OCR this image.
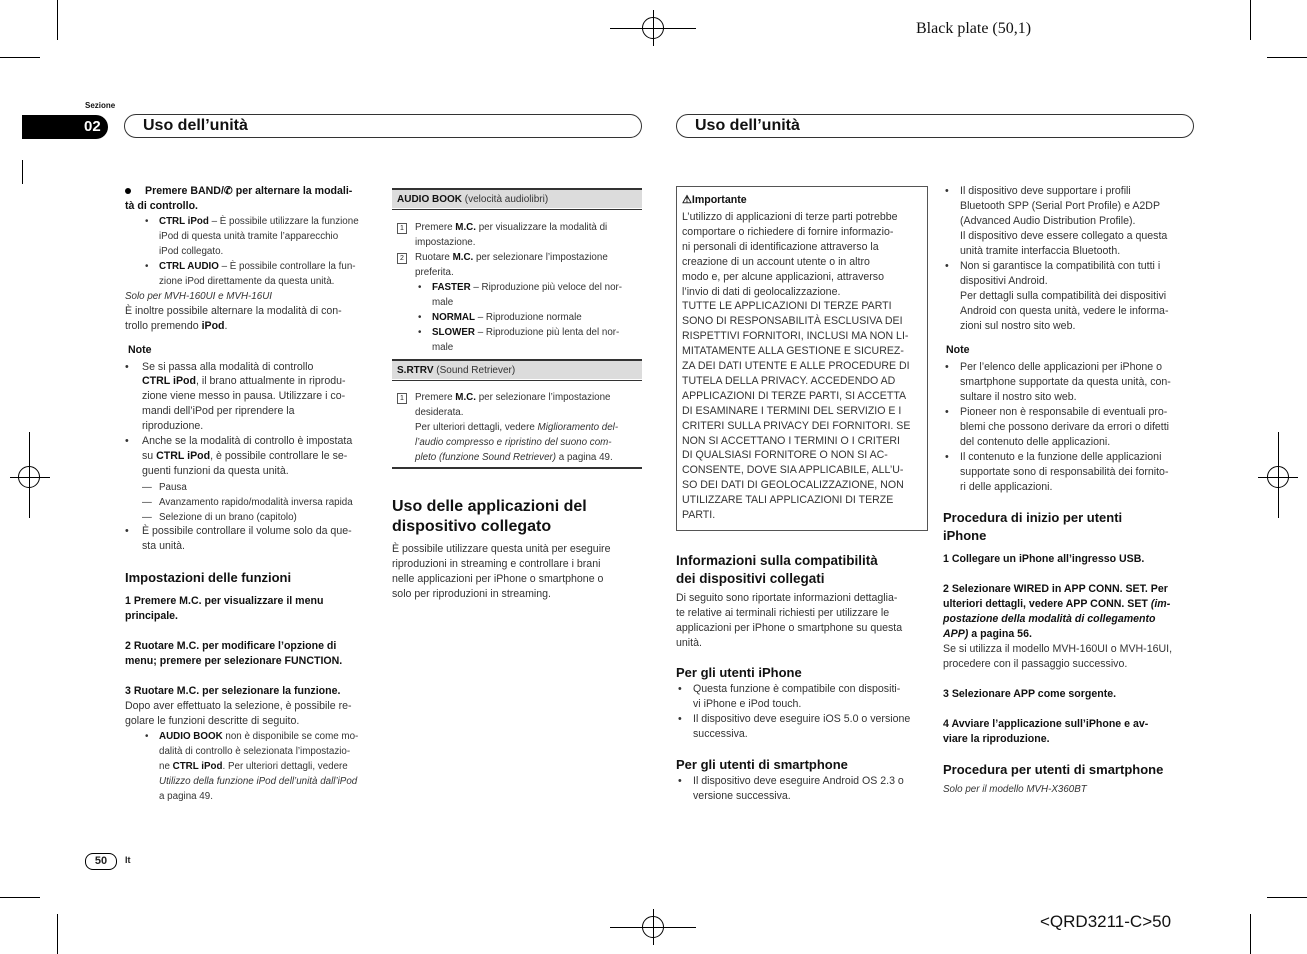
Black plate (50,1)
<QRD3211-C>50
Sezione
02	Uso dell’unità	Uso dell’unità
50	It
Premere BAND/✆ per alternare la modali-
tà di controllo.
• CTRL iPod – È possibile utilizzare la funzione
iPod di questa unità tramite l’apparecchio
iPod collegato.
• CTRL AUDIO – È possibile controllare la fun-
zione iPod direttamente da questa unità.
Solo per MVH-160UI e MVH-16UI
È inoltre possibile alternare la modalità di con-
trollo premendo iPod.
Note
• Se si passa alla modalità di controllo
CTRL iPod, il brano attualmente in riprodu-
zione viene messo in pausa. Utilizzare i co-
mandi dell’iPod per riprendere la
riproduzione.
• Anche se la modalità di controllo è impostata
su CTRL iPod, è possibile controllare le se-
guenti funzioni da questa unità.
— Pausa
— Avanzamento rapido/modalità inversa rapida
— Selezione di un brano (capitolo)
• È possibile controllare il volume solo da que-
sta unità.
Impostazioni delle funzioni
1 Premere M.C. per visualizzare il menu
principale.
2 Ruotare M.C. per modificare l’opzione di
menu; premere per selezionare FUNCTION.
3 Ruotare M.C. per selezionare la funzione.
Dopo aver effettuato la selezione, è possibile re-
golare le funzioni descritte di seguito.
• AUDIO BOOK non è disponibile se come mo-
dalità di controllo è selezionata l’impostazio-
ne CTRL iPod. Per ulteriori dettagli, vedere
Utilizzo della funzione iPod dell’unità dall’iPod
a pagina 49.
AUDIO BOOK (velocità audiolibri)
1	Premere M.C. per visualizzare la modalità di
impostazione.
2	Ruotare M.C. per selezionare l’impostazione
preferita.
• FASTER – Riproduzione più veloce del nor-
male
• NORMAL – Riproduzione normale
• SLOWER – Riproduzione più lenta del nor-
male
S.RTRV (Sound Retriever)
1	Premere M.C. per selezionare l’impostazione
desiderata.
Per ulteriori dettagli, vedere Miglioramento del-
l’audio compresso e ripristino del suono com-
pleto (funzione Sound Retriever) a pagina 49.
Uso delle applicazioni del
dispositivo collegato
È possibile utilizzare questa unità per eseguire
riproduzioni in streaming e controllare i brani
nelle applicazioni per iPhone o smartphone o
solo per riproduzioni in streaming.
⚠Importante
L’utilizzo di applicazioni di terze parti potrebbe
comportare o richiedere di fornire informazio-
ni personali di identificazione attraverso la
creazione di un account utente o in altro
modo e, per alcune applicazioni, attraverso
l’invio di dati di geolocalizzazione.
TUTTE LE APPLICAZIONI DI TERZE PARTI
SONO DI RESPONSABILITÀ ESCLUSIVA DEI
RISPETTIVI FORNITORI, INCLUSI MA NON LI-
MITATAMENTE ALLA GESTIONE E SICUREZ-
ZA DEI DATI UTENTE E ALLE PROCEDURE DI
TUTELA DELLA PRIVACY. ACCEDENDO AD
APPLICAZIONI DI TERZE PARTI, SI ACCETTA
DI ESAMINARE I TERMINI DEL SERVIZIO E I
CRITERI SULLA PRIVACY DEI FORNITORI. SE
NON SI ACCETTANO I TERMINI O I CRITERI
DI QUALSIASI FORNITORE O NON SI AC-
CONSENTE, DOVE SIA APPLICABILE, ALL’U-
SO DEI DATI DI GEOLOCALIZZAZIONE, NON
UTILIZZARE TALI APPLICAZIONI DI TERZE
PARTI.
Informazioni sulla compatibilità
dei dispositivi collegati
Di seguito sono riportate informazioni dettaglia-
te relative ai terminali richiesti per utilizzare le
applicazioni per iPhone o smartphone su questa
unità.
Per gli utenti iPhone
• Questa funzione è compatibile con dispositi-
vi iPhone e iPod touch.
• Il dispositivo deve eseguire iOS 5.0 o versione
successiva.
Per gli utenti di smartphone
• Il dispositivo deve eseguire Android OS 2.3 o
versione successiva.
• Il dispositivo deve supportare i profili
Bluetooth SPP (Serial Port Profile) e A2DP
(Advanced Audio Distribution Profile).
Il dispositivo deve essere collegato a questa
unità tramite interfaccia Bluetooth.
• Non si garantisce la compatibilità con tutti i
dispositivi Android.
Per dettagli sulla compatibilità dei dispositivi
Android con questa unità, vedere le informa-
zioni sul nostro sito web.
• Per l’elenco delle applicazioni per iPhone o
smartphone supportate da questa unità, con-
sultare il nostro sito web.
• Pioneer non è responsabile di eventuali pro-
blemi che possono derivare da errori o difetti
del contenuto delle applicazioni.
• Il contenuto e la funzione delle applicazioni
supportate sono di responsabilità dei fornito-
ri delle applicazioni.
Note
Procedura di inizio per utenti
iPhone
1 Collegare un iPhone all’ingresso USB.
2 Selezionare WIRED in APP CONN. SET. Per
ulteriori dettagli, vedere APP CONN. SET (im-
postazione della modalità di collegamento
APP) a pagina 56.
Se si utilizza il modello MVH-160UI o MVH-16UI,
procedere con il passaggio successivo.
3 Selezionare APP come sorgente.
4 Avviare l’applicazione sull’iPhone e av-
viare la riproduzione.
Procedura per utenti di smartphone
Solo per il modello MVH-X360BT
